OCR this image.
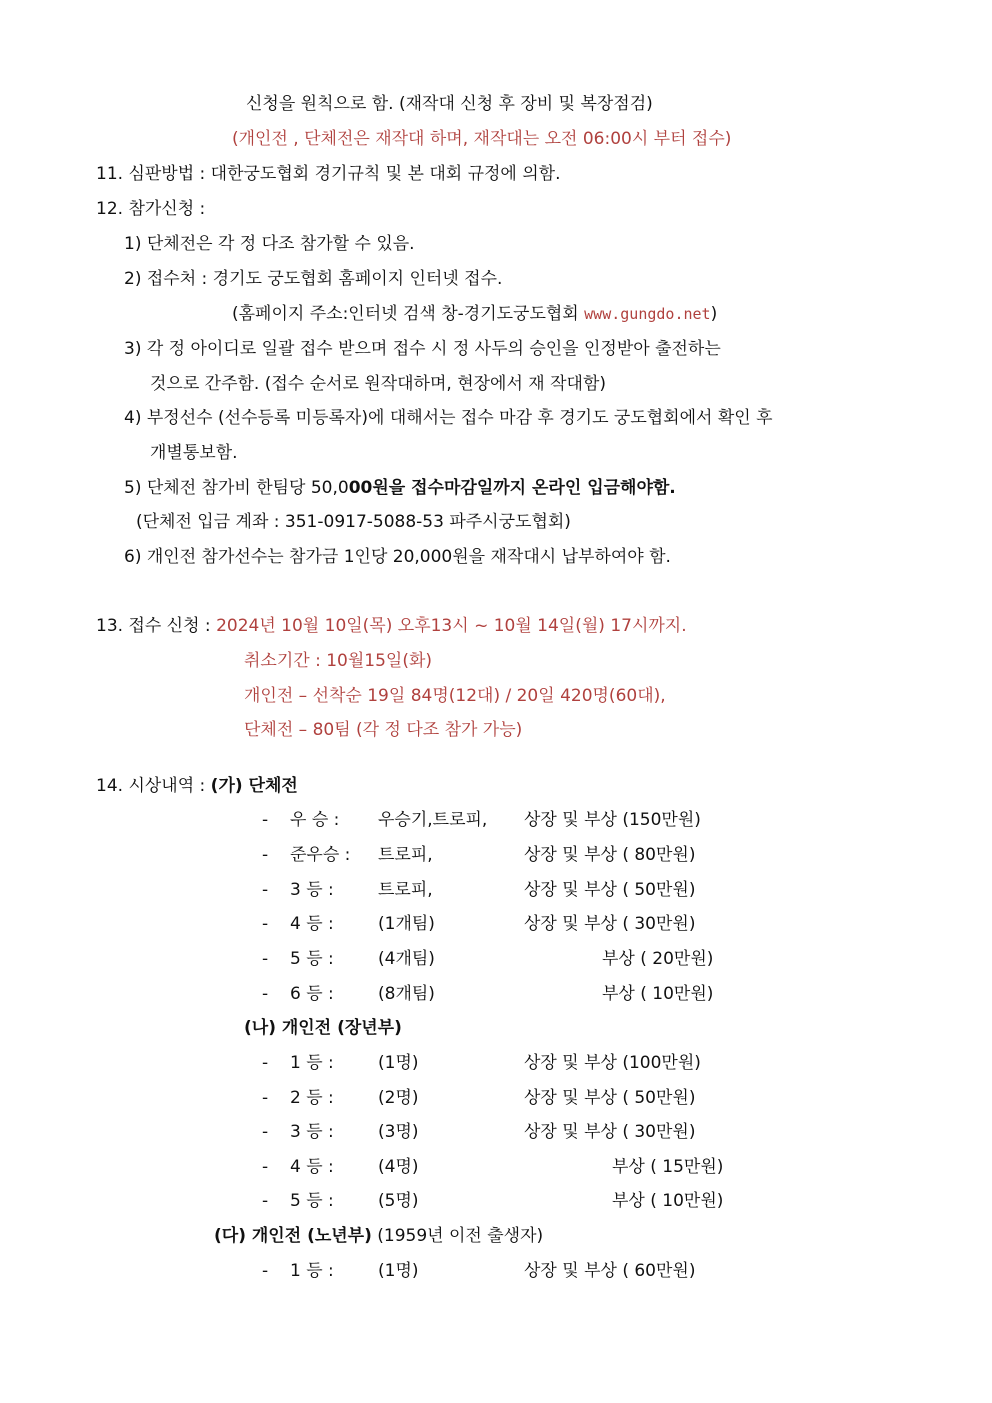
신청을 원칙으로 함. (재작대 신청 후 장비 및 복장점검)
(개인전 , 단체전은 재작대 하며, 재작대는 오전 06:00시 부터 접수)
11. 심판방법 : 대한궁도협회 경기규칙 및 본 대회 규정에 의함.
12. 참가신청 :
1) 단체전은 각 정 다조 참가할 수 있음.
2) 접수처 : 경기도 궁도협회 홈페이지 인터넷 접수.
(홈페이지 주소:인터넷 검색 창-경기도궁도협회 www.gungdo.net)
3) 각 정 아이디로 일괄 접수 받으며 접수 시 정 사두의 승인을 인정받아 출전하는
것으로 간주함. (접수 순서로 원작대하며, 현장에서 재 작대함)
4) 부정선수 (선수등록 미등록자)에 대해서는 접수 마감 후 경기도 궁도협회에서 확인 후
개별통보함.
5) 단체전 참가비 한팀당 50,000원을 접수마감일까지 온라인 입금해야함.
(단체전 입금 계좌 : 351-0917-5088-53 파주시궁도협회)
6) 개인전 참가선수는 참가금 1인당 20,000원을 재작대시 납부하여야 함.
13. 접수 신청 : 2024년 10월 10일(목) 오후13시 ~ 10월 14일(월) 17시까지.
취소기간 : 10월15일(화)
개인전 – 선착순 19일 84명(12대) / 20일 420명(60대),
단체전 – 80팀 (각 정 다조 참가 가능)
14. 시상내역 : (가) 단체전
- 우 승 : 우승기,트로피, 상장 및 부상 (150만원)
- 준우승 : 트로피,	상장 및 부상 ( 80만원)
- 3 등 :	트로피,	상장 및 부상 ( 50만원)
- 4 등 :	(1개팀)	상장 및 부상 ( 30만원)
- 5 등 :	(4개팀)	부상 ( 20만원)
- 6 등 :	(8개팀)	부상 ( 10만원)
(나) 개인전 (장년부)
- 1 등 :	(1명)	상장 및 부상 (100만원)
- 2 등 :	(2명)	상장 및 부상 ( 50만원)
- 3 등 :	(3명)	상장 및 부상 ( 30만원)
- 4 등 :	(4명)	부상 ( 15만원)
- 5 등 :	(5명)	부상 ( 10만원)
(다) 개인전 (노년부) (1959년 이전 출생자)
- 1 등 :	(1명)	상장 및 부상 ( 60만원)
